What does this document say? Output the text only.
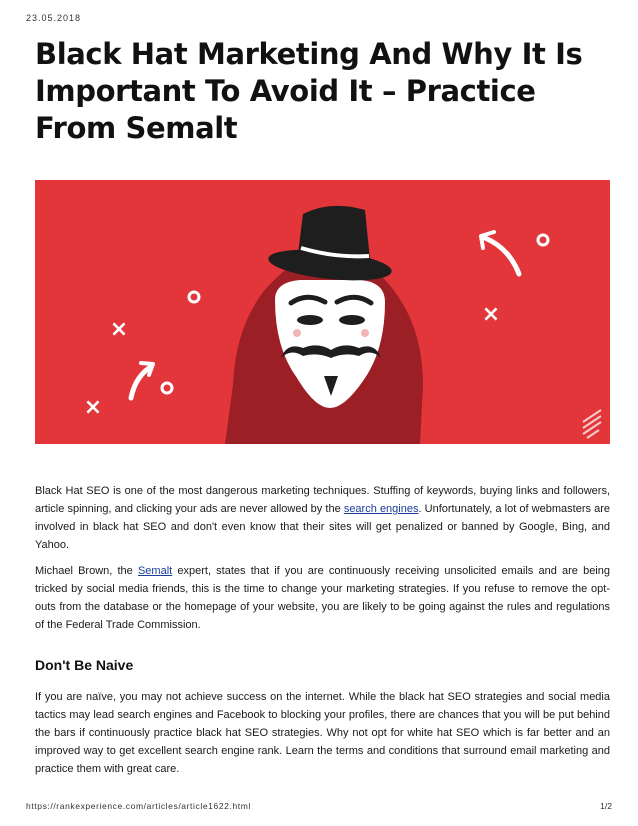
23.05.2018
Black Hat Marketing And Why It Is Important To Avoid It – Practice From Semalt
×
×
×

Black Hat SEO is one of the most dangerous marketing techniques. Stuffing of keywords, buying links and followers, article spinning, and clicking your ads are never allowed by the search engines. Unfortunately, a lot of webmasters are involved in black hat SEO and don't even know that their sites will get penalized or banned by Google, Bing, and Yahoo.

Michael Brown, the Semalt expert, states that if you are continuously receiving unsolicited emails and are being tricked by social media friends, this is the time to change your marketing strategies. If you refuse to remove the opt-outs from the database or the homepage of your website, you are likely to be going against the rules and regulations of the Federal Trade Commission.

Don't Be Naive

If you are naïve, you may not achieve success on the internet. While the black hat SEO strategies and social media tactics may lead search engines and Facebook to blocking your profiles, there are chances that you will be put behind the bars if continuously practice black hat SEO strategies. Why not opt for white hat SEO which is far better and an improved way to get excellent search engine rank. Learn the terms and conditions that surround email marketing and practice them with great care.

https://rankexperience.com/articles/article1622.html	1/2
